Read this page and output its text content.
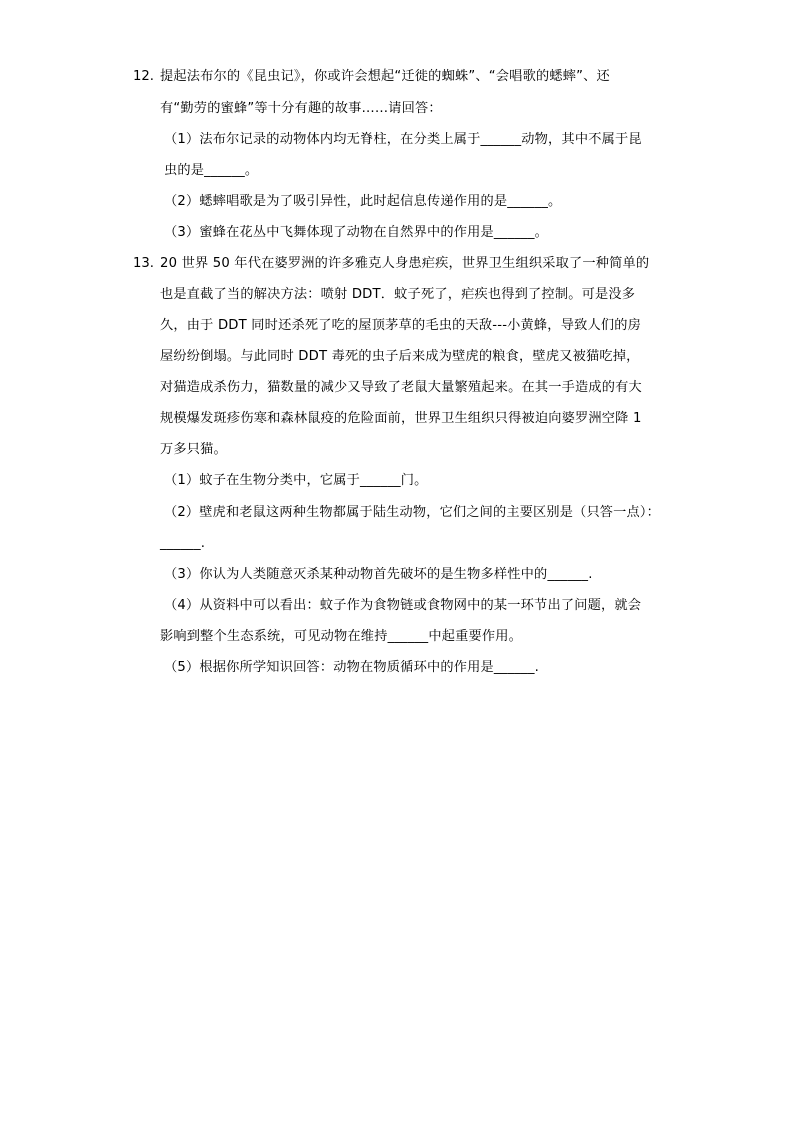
12. 提起法布尔的《昆虫记》，你或许会想起“迁徙的蜘蛛”、“会唱歌的蟋蟀”、还
有“勤劳的蜜蜂”等十分有趣的故事……请回答：
（1）法布尔记录的动物体内均无脊柱，在分类上属于______动物，其中不属于昆
虫的是______。
（2）蟋蟀唱歌是为了吸引异性，此时起信息传递作用的是______。
（3）蜜蜂在花丛中飞舞体现了动物在自然界中的作用是______。
13. 20 世界 50 年代在婆罗洲的许多雅克人身患疟疾，世界卫生组织采取了一种简单的
也是直截了当的解决方法：喷射 DDT．蚊子死了，疟疾也得到了控制。可是没多
久，由于 DDT 同时还杀死了吃的屋顶茅草的毛虫的天敌---小黄蜂，导致人们的房
屋纷纷倒塌。与此同时 DDT 毒死的虫子后来成为壁虎的粮食，壁虎又被猫吃掉，
对猫造成杀伤力，猫数量的减少又导致了老鼠大量繁殖起来。在其一手造成的有大
规模爆发斑疹伤寒和森林鼠疫的危险面前，世界卫生组织只得被迫向婆罗洲空降 1
万多只猫。
（1）蚊子在生物分类中，它属于______门。
（2）壁虎和老鼠这两种生物都属于陆生动物，它们之间的主要区别是（只答一点）：
______.
（3）你认为人类随意灭杀某种动物首先破坏的是生物多样性中的______.
（4）从资料中可以看出：蚊子作为食物链或食物网中的某一环节出了问题，就会
影响到整个生态系统，可见动物在维持______中起重要作用。
（5）根据你所学知识回答：动物在物质循环中的作用是______.
